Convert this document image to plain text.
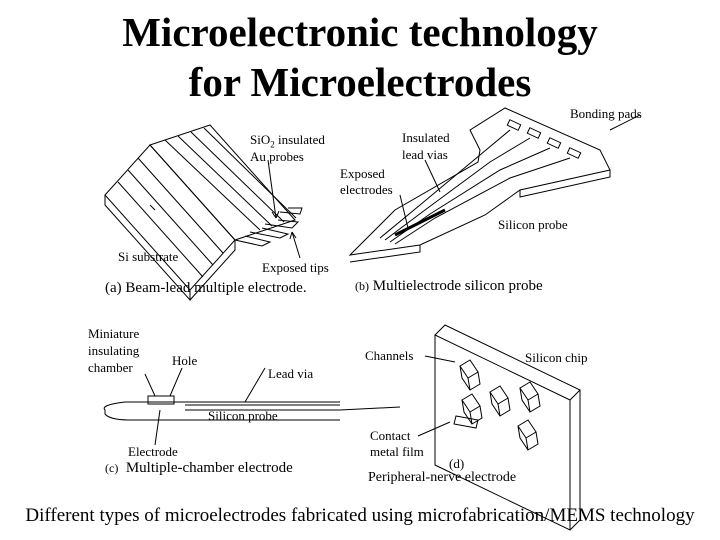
Microelectronic technology
for Microelectrodes
SiO$_2$ insulated
Au probes
Si substrate
Exposed tips
(a) Beam-lead multiple electrode.
Bonding pads
Insulated
lead vias
Exposed
electrodes
Silicon probe
(b) Multielectrode silicon probe
Miniature
insulating
chamber	Hole
Lead via
Silicon probe
Electrode
(c) Multiple-chamber electrode
Channels	Silicon chip
Contact
metal film
(d)
Peripheral-nerve electrode
Different types of microelectrodes fabricated using microfabrication/MEMS technology
